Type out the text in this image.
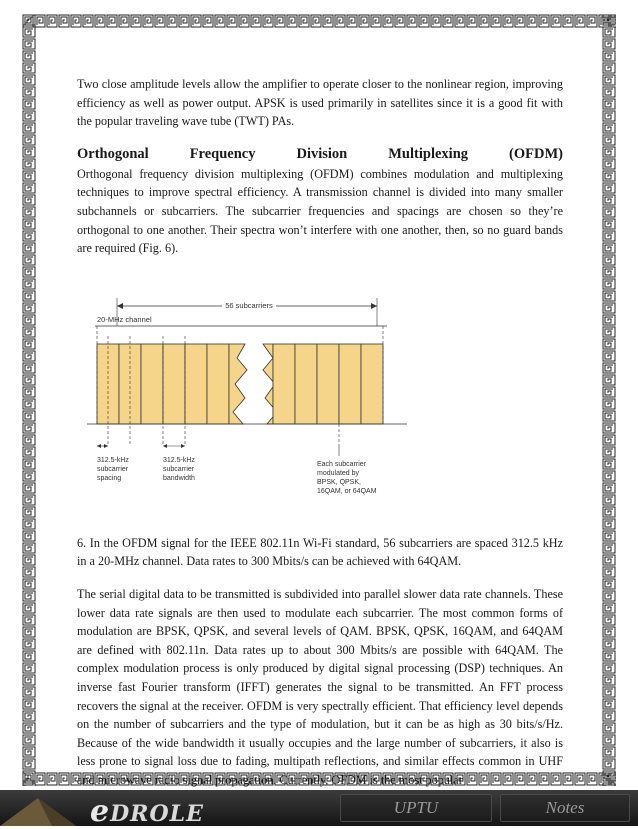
Two close amplitude levels allow the amplifier to operate closer to the nonlinear region, improving efficiency as well as power output. APSK is used primarily in satellites since it is a good fit with the popular traveling wave tube (TWT) PAs.

Orthogonal	Frequency	Division	Multiplexing	(OFDM)

Orthogonal frequency division multiplexing (OFDM) combines modulation and multiplexing techniques to improve spectral efficiency. A transmission channel is divided into many smaller subchannels or subcarriers. The subcarrier frequencies and spacings are chosen so they’re orthogonal to one another. Their spectra won’t interfere with one another, then, so no guard bands are required (Fig. 6).

56 subcarriers
20-MHz channel
312.5-kHz
subcarrier
spacing
312.5-kHz
subcarrier
bandwidth
Each subcarrier
modulated by
BPSK, QPSK,
16QAM, or 64QAM

6. In the OFDM signal for the IEEE 802.11n Wi-Fi standard, 56 subcarriers are spaced 312.5 kHz in a 20-MHz channel. Data rates to 300 Mbits/s can be achieved with 64QAM.

The serial digital data to be transmitted is subdivided into parallel slower data rate channels. These lower data rate signals are then used to modulate each subcarrier. The most common forms of modulation are BPSK, QPSK, and several levels of QAM. BPSK, QPSK, 16QAM, and 64QAM are defined with 802.11n. Data rates up to about 300 Mbits/s are possible with 64QAM. The complex modulation process is only produced by digital signal processing (DSP) techniques. An inverse fast Fourier transform (IFFT) generates the signal to be transmitted. An FFT process recovers the signal at the receiver. OFDM is very spectrally efficient. That efficiency level depends on the number of subcarriers and the type of modulation, but it can be as high as 30 bits/s/Hz. Because of the wide bandwidth it usually occupies and the large number of subcarriers, it also is less prone to signal loss due to fading, multipath reflections, and similar effects common in UHF and microwave radio signal propagation. Currently, OFDM is the most popular

eDROLE	UPTU	Notes
